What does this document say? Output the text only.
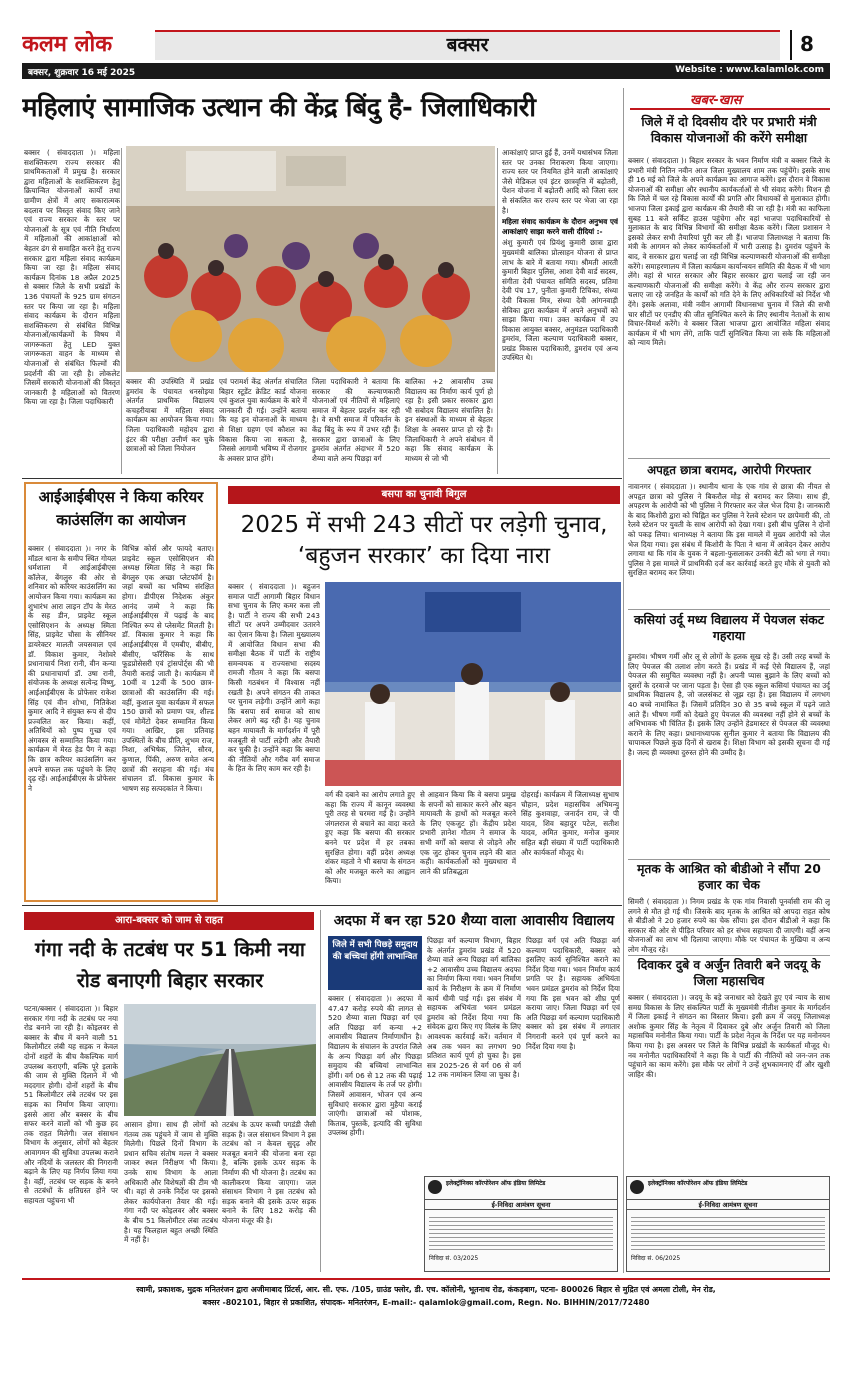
कलम लोक	बक्सर	8
बक्सर, शुक्रवार 16 मई 2025	Website : www.kalamlok.com
महिलाएं सामाजिक उत्थान की केंद्र बिंदु है- जिलाधिकारी

बक्सर ( संवाददाता )। महिला सशक्तिकरण राज्य सरकार की प्राथमिकताओं में प्रमुख है। सरकार द्वारा महिलाओं के सशक्तिकरण हेतु क्रियान्वित योजनाओं कार्यों तथा ग्रामीण क्षेत्रों में आए सकारात्मक बदलाव पर विस्तृत संवाद किए जाने एवं राज्य सरकार के स्तर पर योजनाओं के सूत्र एवं नीति निर्धारण में महिलाओं की आकांक्षाओं को बेहतर ढंग से समाहित करने हेतु राज्य सरकार द्वारा महिला संवाद कार्यक्रम किया जा रहा है। महिला संवाद कार्यक्रम दिनांक 18 अप्रैल 2025 से बक्सर जिले के सभी प्रखंडों के 136 पंचायतों के 925 ग्राम संगठन स्तर पर किया जा रहा है। महिला संवाद कार्यक्रम के दौरान महिला सशक्तिकरण से संबंधित विभिन्न योजनाओं/कार्यक्रमों के विषय में जागरूकता हेतु LED युक्त जागरूकता वाहन के माध्यम से योजनाओं से संबंधित फिल्मों की प्रदर्शनी की जा रही है। लोकलेट जिसमें सरकारी योजनाओं की विस्तृत जानकारी है महिलाओं को वितरण किया जा रहा है। जिला पदाधिकारी

बक्सर की उपस्थिति में प्रखंड डुमरांव के पंचायत धनसोइया अंतर्गत प्राथमिक विद्यालय कचहरीयाबा में महिला संवाद कार्यक्रम का आयोजन किया गया। जिला पदाधिकारी महोदय द्वारा इंटर की परीक्षा उत्तीर्ण कर चुके छात्राओं को जिला नियोजन

एवं परामर्श केंद्र अंतर्गत संचालित बिहार स्टूडेंट क्रेडिट कार्ड योजना एवं कुशल युवा कार्यक्रम के बारे में जानकारी दी गई। उन्होंने बताया कि यह इन योजनाओं के माध्यम से शिक्षा ग्रहण एवं कौशल का विकास किया जा सकता है, जिससे आगामी भविष्य में रोजगार के अवसर प्राप्त होंगे।

जिला पदाधिकारी ने बताया कि सरकार की कल्याणकारी योजनाओं एवं नीतियों से महिलाएं समाज में बेहतर प्रदर्शन कर रही है। वे सभी समाज में परिवर्तन के केंद्र बिंदु के रूप में उभर रही हैं। सरकार द्वारा छात्राओं के लिए डुमरांव अंतर्गत अंदाभर में 520 शैय्या वाले अन्य पिछड़ा वर्ग

बालिका +2 आवासीय उच्च विद्यालय का निर्माण कार्य पूर्ण हो रहा है। इसी प्रकार सरकार द्वारा भी सबोदय विद्यालय संचालित है। इन संस्थाओं के माध्यम से बेहतर शिक्षा के अवसर प्राप्त हो रहे हैं। जिलाधिकारी ने अपने संबोधन में कहा कि संवाद कार्यक्रम के माध्यम से जो भी

आकांक्षाएं प्राप्त हुई हैं, उनमें यथासंभव जिला स्तर पर उनका निराकरण किया जाएगा। राज्य स्तर पर नियमित होने वाली आकांक्षाएं जैसे मेडिकल एवं इंटर छात्रवृत्ति में बढ़ोतरी, पेंशन योजना में बढ़ोतरी आदि को जिला स्तर से संकलित कर राज्य स्तर पर भेजा जा रहा है।

महिला संवाद कार्यक्रम के दौरान अनुभव एवं आकांक्षाएं साझा करने वाली दीदियां :-

अंशु कुमारी एवं प्रियंशु कुमारी छात्रा द्वारा मुख्यमंत्री बालिका प्रोत्साहन योजना से प्राप्त लाभ के बारे में बताया गया। श्रीमती आरती कुमारी बिहार पुलिस, आशा देवी वार्ड सदस्य, संगीता देवी पंचायत समिति सदस्य, प्रतिमा देवी पंच 17, पुनीता कुमारी टिचिका, संध्या देवी विकास मित्र, संध्या देवी आंगनवाड़ी सेविका द्वारा कार्यक्रम में अपने अनुभवों को साझा किया गया। उक्त कार्यक्रम में उप विकास आयुक्त बक्सर, अनुमंडल पदाधिकारी डुमरांव, जिला कल्याण पदाधिकारी बक्सर, प्रखंड विकास पदाधिकारी, डुमरांव एवं अन्य उपस्थित थे।

खबर-खास
जिले में दो दिवसीय दौरे पर प्रभारी मंत्री विकास योजनाओं की करेंगे समीक्षा

बक्सर ( संवाददाता )। बिहार सरकार के भवन निर्माण मंत्री व बक्सर जिले के प्रभारी मंत्री नितिन नवीन आज जिला मुख्यालय शाम तक पहुंचेंगे। इसके साथ ही 16 मई को जिले के अपने कार्यक्रम का आगाज करेंगे। इस दौरान वे विकास योजनाओं की समीक्षा और स्थानीय कार्यकर्ताओं से भी संवाद करेंगे। मिशन ही कि जिले में चल रहे विकास कार्यों की प्रगति और विधायकों से मुलाकात होगी। भाजपा जिला इकाई द्वारा कार्यक्रम की तैयारी की जा रही है। मंत्री का काफिला सुबह 11 बजे सर्किट हाउस पहुंचेगा और वहां भाजपा पदाधिकारियों से मुलाकात के बाद विभिन्न विभागों की समीक्षा बैठक करेंगे। जिला प्रशासन ने इसको लेकर सभी तैयारियां पूरी कर ली हैं। भाजपा जिलाध्यक्ष ने बताया कि मंत्री के आगमन को लेकर कार्यकर्ताओं में भारी उत्साह है। दुमरांव पहुंचने के बाद, वे सरकार द्वारा चलाई जा रही विभिन्न कल्याणकारी योजनाओं की समीक्षा करेंगे। समाहरणालय में जिला कार्यक्रम कार्यान्वयन समिति की बैठक में भी भाग लेंगे। वहां से भारत सरकार और बिहार सरकार द्वारा चलाई जा रही जन कल्याणकारी योजनाओं की समीक्षा करेंगे। वे केंद्र और राज्य सरकार द्वारा चलाए जा रहे जनहित के कार्यों को गति देने के लिए अधिकारियों को निर्देश भी देंगे। इसके अलावा, मंत्री नवीन आगामी विधानसभा चुनाव में जिले की सभी चार सीटों पर एनडीए की जीत सुनिश्चित करने के लिए स्थानीय नेताओं के साथ विचार-विमर्श करेंगे। वे बक्सर जिला भाजपा द्वारा आयोजित महिला संवाद कार्यक्रम में भी भाग लेंगे, ताकि पार्टी सुनिश्चित किया जा सके कि महिलाओं को न्याय मिले।

अपहृत छात्रा बरामद, आरोपी गिरफ्तार

नावानगर ( संवाददाता )। स्थानीय थाना के एक गांव से छात्रा की नीयत से अपहृत छात्रा को पुलिस ने बिकरौल मोड़ से बरामद कर लिया। साथ ही, अपहरण के आरोपी को भी पुलिस ने गिरफ्तार कर जेल भेज दिया है। जानकारी के बाद किशोरी द्वारा को चिह्नित कर पुलिस ने रेलवे स्टेशन पर छापेमारी की, तो रेलवे स्टेशन पर युवती के साथ आरोपी को देखा गया। इसी बीच पुलिस ने दोनों को पकड़ लिया। थानाध्यक्ष ने बताया कि इस मामले में मुख्य आरोपी को जेल भेज दिया गया। इस संबंध में किशोरी के पिता ने थाना में आवेदन देकर आरोप लगाया था कि गांव के युवक ने बहला-फुसलाकर उनकी बेटी को भगा ले गया। पुलिस ने इस मामले में प्राथमिकी दर्ज कर कार्रवाई करते हुए मौके से युवती को सुरक्षित बरामद कर लिया।

कसियां उर्दू मध्य विद्यालय में पेयजल संकट गहराया

डुमरांव। भीषण गर्मी और लू से लोगों के हलक सूख रहे हैं। उसी तरह बच्चों के लिए पेयजल की तलाश लोग करते हैं। प्रखंड में कई ऐसे विद्यालय हैं, जहां पेयजल की समुचित व्यवस्था नहीं है। अपनी प्यास बुझाने के लिए बच्चों को दूसरों के दरवाजे पर जाना पड़ता है। ऐसा ही एक स्कूल कसियां पंचायत का उर्दू प्राथमिक विद्यालय है, जो जलसंकट से जूझ रहा है। इस विद्यालय में लगभग 40 बच्चे नामांकित हैं। जिसमें प्रतिदिन 30 से 35 बच्चे स्कूल में पढ़ने जाते आते हैं। भीषण गर्मी को देखते हुए पेयजल की व्यवस्था नहीं होने से बच्चों के अभिभावक भी चिंतित हैं। इसके लिए उन्होंने हेडमास्टर से पेयजल की व्यवस्था कराने के लिए कहा। प्रधानाध्यापक सुनील कुमार ने बताया कि विद्यालय की चापाकल पिछले कुछ दिनों से खराब है। शिक्षा विभाग को इसकी सूचना दी गई है। जल्द ही व्यवस्था दुरुस्त होने की उम्मीद है।

मृतक के आश्रित को बीडीओ ने सौंपा 20 हजार का चेक

सिमरी ( संवाददाता )। निगम प्रखंड के एक गांव निवासी पूनर्वासी राम की लू लगने से मौत हो गई थी। जिसके बाद मृतक के आश्रित को आपदा राहत कोष से बीडीओ ने 20 हजार रुपये का चेक सौंपा। इस दौरान बीडीओ ने कहा कि सरकार की ओर से पीड़ित परिवार को हर संभव सहायता दी जाएगी। वहीं अन्य योजनाओं का लाभ भी दिलाया जाएगा। मौके पर पंचायत के मुखिया व अन्य लोग मौजूद रहे।

दिवाकर दुबे व अर्जुन तिवारी बने जदयू के जिला महासचिव

बक्सर ( संवाददाता )। जदयू के बड़े जनाधार को देखते हुए एवं न्याय के साथ समग्र विकास के लिए संकल्पित पार्टी के मुख्यमंत्री नीतीश कुमार के मार्गदर्शन में जिला इकाई ने संगठन का विस्तार किया। इसी क्रम में जदयू जिलाध्यक्ष अशोक कुमार सिंह के नेतृत्व में दिवाकर दुबे और अर्जुन तिवारी को जिला महासचिव मनोनीत किया गया। पार्टी के प्रदेश नेतृत्व के निर्देश पर यह मनोनयन किया गया है। इस अवसर पर जिले के विभिन्न प्रखंडों के कार्यकर्ता मौजूद थे। नव मनोनीत पदाधिकारियों ने कहा कि वे पार्टी की नीतियों को जन-जन तक पहुंचाने का काम करेंगे। इस मौके पर लोगों ने उन्हें शुभकामनाएं दीं और खुशी जाहिर की।

आईआईबीएस ने किया करियर काउंसलिंग का आयोजन

बक्सर ( संवाददाता )। नगर के मॉडल थाना के समीप स्थित गोयल धर्मशाला में आईआईबीएस कॉलेज, बेंगलुरु की ओर से शनिवार को करियर काउंसलिंग का आयोजन किया गया। कार्यक्रम का शुभारंभ आरा लाइन टॉप के मेरठ के सह डीन, प्राइवेट स्कूल एसोसिएशन के अध्यक्ष स्मिता सिंह, प्राइवेट चौसा के सीनियर डायरेक्टर मालती जयसवाल एवं डॉ. विकाश कुमार, नेशोवरे प्रधानाचार्य निशा रानी, वीन कन्या की प्रधानाचार्या डॉ. उषा रानी, संयोजक के अध्यक्ष सत्येन्द्र विष्णु, आईआईबीएस के प्रोफेसर राकेश सिंह एवं वीन शोभा, नितिकेश कुमार आदि ने संयुक्त रूप से दीप प्रज्वलित कर किया। कहीं, अतिथियों को पुष्प गुच्छ एवं अंगवस्त्र से सम्मानित किया गया। कार्यक्रम में मेरठ हेड पैग ने कहा कि छात्र करियर काउंसलिंग कर अपने सफल तक पहुंचने के लिए दृढ़ रहें। आईआईबीएस के प्रोफेसर ने

विभिन्न कोर्स और फायदे बताए। प्राइवेट स्कूल एसोसिएशन की अध्यक्ष स्मिता सिंह ने कहा कि बेंगलुरु एक अच्छा प्लेटफॉर्म है। जहां बच्चों का भविष्य संरक्षित होगा। डीपीएस निदेशक अंकुर आनंद जम्मे ने कहा कि आईआईबीएस में पढ़ाई के बाद निश्चित रूप से प्लेसमेंट मिलती है। डॉ. विकास कुमार ने कहा कि आईआईबीएस में एमबीए, बीबीए, बीसीए, फॉरेंसिक के साथ फूडप्रोसेसरी एवं ट्रांसपोर्ट्स की भी तैयारी कराई जाती है। कार्यक्रम में 10वीं व 12वीं के 500 छात्र-छात्राओं की काउंसलिंग की गई। वहीं, कुशाल युवा कार्यक्रम में सफल 150 छात्रों को प्रमाण पत्र, शील्ड एवं मोमेंटो देकर सम्मानित किया गया। आखिर, इस प्रतिवाह उपस्थितों के बीच प्रीति, शुभम राज, निशा, अभिषेक, जितेन, सौरव, कुणाल, पिंकी, अरुण समेत अन्य छात्रों की सराहना की गई। मंच संचालन डॉ. विकास कुमार के भाषण सह सत्पदकांत ने किया।

बसपा का चुनावी बिगुल
2025 में सभी 243 सीटों पर लड़ेगी चुनाव, ‘बहुजन सरकार’ का दिया नारा

बक्सर ( संवाददाता )। बहुजन समाज पार्टी आगामी बिहार विधान सभा चुनाव के लिए कमर कस ली है। पार्टी ने राज्य की सभी 243 सीटों पर अपने उम्मीदवार उतारने का ऐलान किया है। जिला मुख्यालय में आयोजित विधान सभा की समीक्षा बैठक में पार्टी के राष्ट्रीय समन्वयक व राज्यसभा सदस्य रामजी गौतम ने कहा कि बसपा किसी गठबंधन में विश्वास नहीं रखती है। अपने संगठन की ताकत पर चुनाव लड़ेगी। उन्होंने आगे कहा कि बसपा सर्व समाज को साथ लेकर आगे बढ़ रही है। यह चुनाव बहन मायावती के मार्गदर्शन में पूरी मजबूती से पार्टी लड़ेगी और तैयारी कर चुकी है। उन्होंने कहा कि बसपा की नीतियों और गरीब वर्ग समाज के हित के लिए काम कर रही है।

वर्ग की दबाने का आरोप लगाते हुए कहा कि राज्य में कानून व्यवस्था पूरी तरह से चरमरा गई है। उन्होंने जंगलराज से बचाने का वादा करते हुए कहा कि बसपा की सरकार बनने पर प्रदेश में हर तबका सुरक्षित होगा। वहीं प्रदेश अध्यक्ष शंकर महतो ने भी बसपा के संगठन को और मजबूत करने का आह्वान किया।

से आहवान किया कि वे बसपा प्रमुख के सपनों को साकार करने और बहन मायावती के हाथों को मजबूत करने के लिए एकजुट हों। केंद्रीय प्रदेश प्रभारी ज्ञानेश गौतम ने समाज के सभी वर्गों को बसपा से जोड़ने और एक जुट होकर चुनाव लड़ने की बात कही। कार्यकर्ताओं को मुख्यधारा में लाने की प्रतिबद्धता

दोहराई। कार्यक्रम में जिलाध्यक्ष सुभाष चौहान, प्रदेश महासचिव अभिमन्यु सिंह कुशवाहा, जनार्दन राम, जे पी यादव, शिव बहादुर पटेल, सतीश यादव, अमित कुमार, मनोज कुमार सहित बड़ी संख्या में पार्टी पदाधिकारी और कार्यकर्ता मौजूद थे।

आरा-बक्सर को जाम से राहत
गंगा नदी के तटबंध पर 51 किमी नया रोड बनाएगी बिहार सरकार

पटना/बक्सर ( संवाददाता )। बिहार सरकार गंगा नदी के तटबंध पर नया रोड बनाने जा रही है। कोइलवर से बक्सर के बीच में बनने वाली 51 किलोमीटर लंबी यह सड़क न केवल दोनों शहरों के बीच वैकल्पिक मार्ग उपलब्ध कराएगी, बल्कि पूरे इलाके की जाम से मुक्ति दिलाने में भी मददगार होगी। दोनों शहरों के बीच 51 किलोमीटर लंबे तटबंध पर इस सड़क का निर्माण किया जाएगा। इससे आरा और बक्सर के बीच सफर करने वालों को भी कुछ हद तक राहत मिलेगी। जल संसाधन विभाग के अनुसार, लोगों को बेहतर आवागमन की सुविधा उपलब्ध कराने और नदियों के जलस्तर की निगरानी बढ़ाने के लिए यह निर्णय लिया गया है। वहीं, तटबंध पर सड़क के बनने से तटबंधों के क्षतिग्रस्त होने पर सहायता पहुंचना भी

आसान होगा। साथ ही लोगों को गंतव्य तक पहुंचने में जाम से मुक्ति मिलेगी। पिछले दिनों विभाग के प्रधान सचिव संतोष मल्ल ने बक्सर जाकर स्थल निरीक्षण भी किया। उनके साथ विभाग के आला अधिकारी और विशेषज्ञों की टीम भी थी। वहां से उनके निर्देश पर इसको लेकर कार्ययोजना तैयार की गई। गंगा नदी पर कोइलवर और बक्सर के बीच 51 किलोमीटर लंबा तटबंध है। यह फिलहाल बहुत अच्छी स्थिति में नहीं है।

तटबंध के ऊपर कच्ची पगडंडी जैसी सड़क है। जल संसाधन विभाग ने इस तटबंध को न केवल सुदृढ़ और मजबूत बनाने की योजना बना रहा है, बल्कि इसके ऊपर सड़क के निर्माण की भी योजना है। तटबंध का कालीकरण किया जाएगा। जल संसाधन विभाग ने इस तटबंध को सड़क बनाने की इसके ऊपर सड़क बनाने के लिए 182 करोड़ की योजना मंजूर की है।

अदफा में बन रहा 520 शैय्या वाला आवासीय विद्यालय
जिले में सभी पिछड़े समुदाय की बच्चियां होंगी लाभान्वित

बक्सर ( संवाददाता )। अदफा में 47.47 करोड़ रुपये की लागत से 520 शैय्या वाला पिछड़ा वर्ग एवं अति पिछड़ा वर्ग कन्या +2 आवासीय विद्यालय निर्माणाधीन है। विद्यालय के संचालन के उपरांत जिले के अन्य पिछड़ा वर्ग और पिछड़ा समुदाय की बच्चियां लाभान्वित होंगी। वर्ग 06 से 12 तक की पढ़ाई आवासीय विद्यालय के तर्ज पर होगी। जिसमें आवासन, भोजन एवं अन्य सुविधाएं सरकार द्वारा मुहैया कराई जाएंगी। छात्राओं को पोशाक, किताब, पुस्तकें, इत्यादि की सुविधा उपलब्ध होगी।

पिछड़ा वर्ग कल्याण विभाग, बिहार के अंतर्गत डुमरांव प्रखंड में 520 शैय्या वाले अन्य पिछड़ा वर्ग बालिका +2 आवासीय उच्च विद्यालय अदफा का निर्माण किया गया। भवन निर्माण कार्य के निरीक्षण के क्रम में निर्माण कार्य धीमी पाई गई। इस संबंध में सहायक अभियंता भवन प्रमंडल डुमरांव को निर्देश दिया गया कि संवेदक द्वारा किए गए विलंब के लिए आवश्यक कार्रवाई करें। वर्तमान में अब तक भवन का लगभग 90 प्रतिशत कार्य पूर्ण हो चुका है। इस सत्र 2025-26 से वर्ग 06 से वर्ग 12 तक नामांकन लिया जा चुका है।

पिछड़ा वर्ग एवं अति पिछड़ा वर्ग कल्याण पदाधिकारी, बक्सर को इसलिए कार्य सुनिश्चित कराने का निर्देश दिया गया। भवन निर्माण कार्य प्रगति पर है। सहायक अभियंता भवन प्रमंडल डुमरांव को निर्देश दिया गया कि इस भवन को शीघ्र पूर्ण कराया जाए। जिला पिछड़ा वर्ग एवं अति पिछड़ा वर्ग कल्याण पदाधिकारी बक्सर को इस संबंध में लगातार निगरानी करने एवं पूर्ण करने का निर्देश दिया गया है।

इलेक्ट्रॉनिक्स कॉरपोरेशन ऑफ इंडिया लिमिटेड
ई-निविदा आमंत्रण सूचना
निविदा सं. 03/2025
इलेक्ट्रॉनिक्स कॉरपोरेशन ऑफ इंडिया लिमिटेड
ई-निविदा आमंत्रण सूचना
निविदा सं. 06/2025
स्वामी, प्रकाशक, मुद्रक मनितरंजन द्वारा अजीमाबाद प्रिंटर्स, आर. सी. एफ. /105, ग्राउंड फ्लोर, डी. एच. कॉलोनी, भूतनाथ रोड, कंकड़बाग, पटना- 800026 बिहार से मुद्रित एवं अमला टोली, मेन रोड,
बक्सर -802101, बिहार से प्रकाशित, संपादक- मनितरंजन, E-mail:- qalamlok@gmail.com, Regn. No. BIHHIN/2017/72480
